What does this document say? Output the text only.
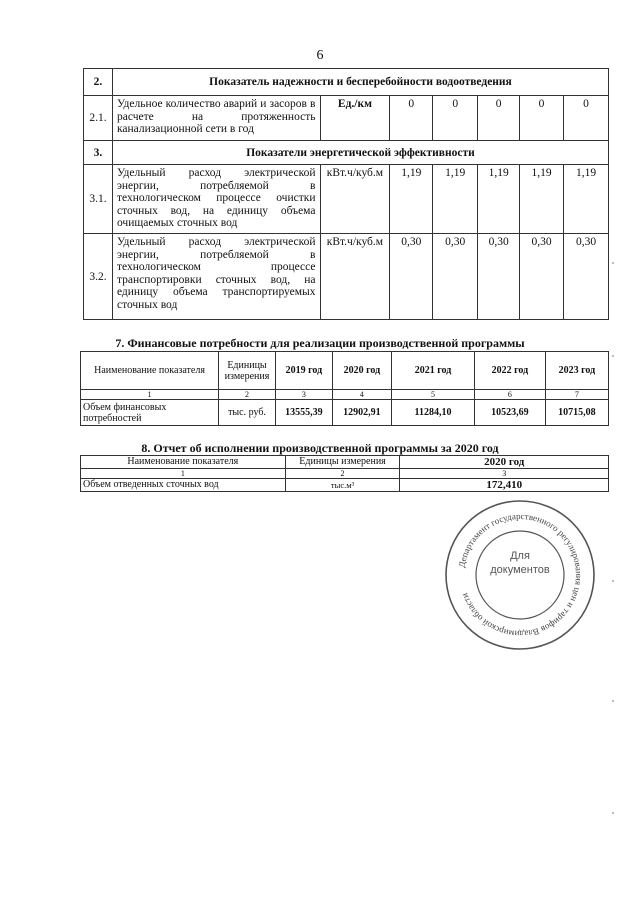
6
2.	Показатель надежности и бесперебойности водоотведения						
2.1.	Удельное количество аварий и засоров в расчете на протяженность канализационной сети в год	Ед./км	0	0	0	0	0
3.	Показатели энергетической эффективности						
3.1.	Удельный расход электрической энергии, потребляемой в технологическом процессе очистки сточных вод, на единицу объема очищаемых сточных вод	кВт.ч/куб.м	1,19	1,19	1,19	1,19	1,19
3.2.	Удельный расход электрической энергии, потребляемой в технологическом процессе транспортировки сточных вод, на единицу объема транспортируемых сточных вод	кВт.ч/куб.м	0,30	0,30	0,30	0,30	0,30
7. Финансовые потребности для реализации производственной программы
Наименование показателя	Единицы измерения	2019 год	2020 год	2021 год	2022 год	2023 год
1	2	3	4	5	6	7
Объем финансовых потребностей	тыс. руб.	13555,39	12902,91	11284,10	10523,69	10715,08
8. Отчет об исполнении производственной программы за 2020 год
Наименование показателя	Единицы измерения	2020 год
1	2	3
Объем отведенных сточных вод	тыс.м³	172,410
Департамент государственного регулирования цен и тарифов Владимирской области
Для
документов
